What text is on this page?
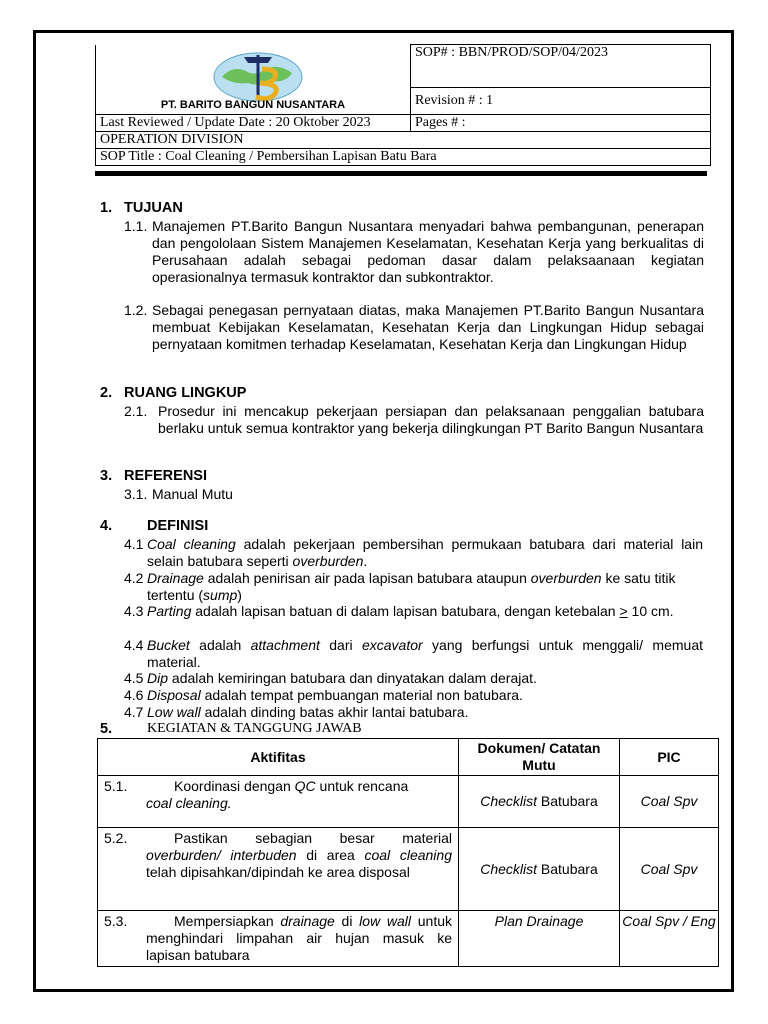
PT. BARITO BANGUN NUSANTARA	SOP# : BBN/PROD/SOP/04/2023
	Revision # : 1
Last Reviewed / Update Date : 20 Oktober 2023	Pages # :
OPERATION DIVISION	
SOP Title : Coal Cleaning / Pembersihan Lapisan Batu Bara	
1. TUJUAN
1.1. Manajemen PT.Barito Bangun Nusantara menyadari bahwa pembangunan, penerapan dan pengololaan Sistem Manajemen Keselamatan, Kesehatan Kerja yang berkualitas di Perusahaan adalah sebagai pedoman dasar dalam pelaksaanaan kegiatan operasionalnya termasuk kontraktor dan subkontraktor.
1.2. Sebagai penegasan pernyataan diatas, maka Manajemen PT.Barito Bangun Nusantara membuat Kebijakan Keselamatan, Kesehatan Kerja dan Lingkungan Hidup sebagai pernyataan komitmen terhadap Keselamatan, Kesehatan Kerja dan Lingkungan Hidup
2. RUANG LINGKUP
2.1. Prosedur ini mencakup pekerjaan persiapan dan pelaksanaan penggalian batubara berlaku untuk semua kontraktor yang bekerja dilingkungan PT Barito Bangun Nusantara
3. REFERENSI
3.1. Manual Mutu
4. DEFINISI
4.1 Coal cleaning adalah pekerjaan pembersihan permukaan batubara dari material lain selain batubara seperti overburden.
4.2 Drainage adalah penirisan air pada lapisan batubara ataupun overburden ke satu titik tertentu (sump)
4.3 Parting adalah lapisan batuan di dalam lapisan batubara, dengan ketebalan ≥ 10 cm.
4.4 Bucket adalah attachment dari excavator yang berfungsi untuk menggali/ memuat material.
4.5 Dip adalah kemiringan batubara dan dinyatakan dalam derajat.
4.6 Disposal adalah tempat pembuangan material non batubara.
4.7 Low wall adalah dinding batas akhir lantai batubara.
5. KEGIATAN & TANGGUNG JAWAB
Aktifitas	Dokumen/ Catatan Mutu	PIC
5.1. Koordinasi dengan QC untuk rencana
coal cleaning.	Checklist Batubara	Coal Spv

5.2. Pastikan sebagian besar material overburden/ interbuden di area coal cleaning telah dipisahkan/dipindah ke area disposal	Checklist Batubara	Coal Spv

5.3. Mempersiapkan drainage di low wall untuk menghindari limpahan air hujan masuk ke lapisan batubara	Plan Drainage	Coal Spv / Eng
